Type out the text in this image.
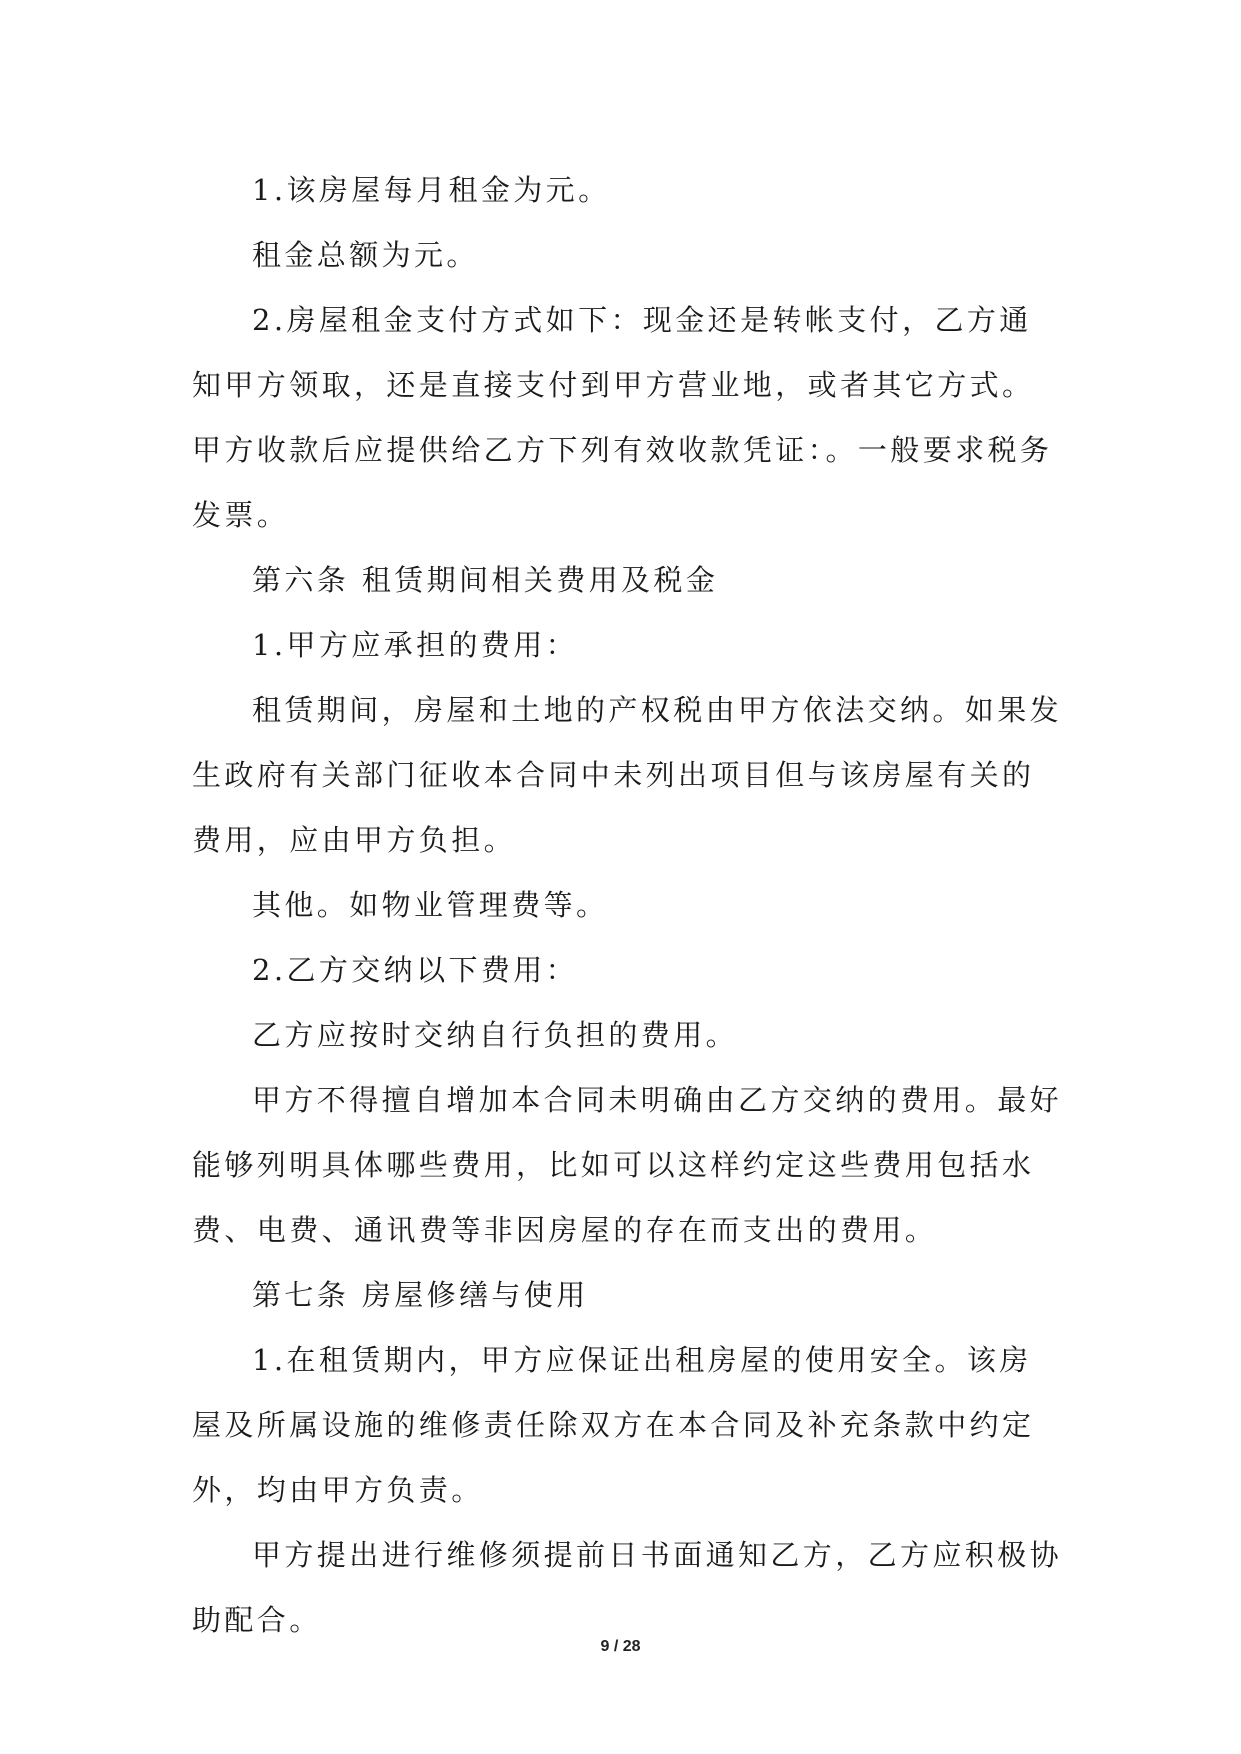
1.该房屋每月租金为元。

租金总额为元。

2.房屋租金支付方式如下：现金还是转帐支付，乙方通知甲方领取，还是直接支付到甲方营业地，或者其它方式。甲方收款后应提供给乙方下列有效收款凭证：。一般要求税务发票。

第六条 租赁期间相关费用及税金

1.甲方应承担的费用：

租赁期间，房屋和土地的产权税由甲方依法交纳。如果发生政府有关部门征收本合同中未列出项目但与该房屋有关的费用，应由甲方负担。

其他。如物业管理费等。

2.乙方交纳以下费用：

乙方应按时交纳自行负担的费用。

甲方不得擅自增加本合同未明确由乙方交纳的费用。最好能够列明具体哪些费用，比如可以这样约定这些费用包括水费、电费、通讯费等非因房屋的存在而支出的费用。

第七条 房屋修缮与使用

1.在租赁期内，甲方应保证出租房屋的使用安全。该房屋及所属设施的维修责任除双方在本合同及补充条款中约定外，均由甲方负责。

甲方提出进行维修须提前日书面通知乙方，乙方应积极协助配合。

9 / 28
